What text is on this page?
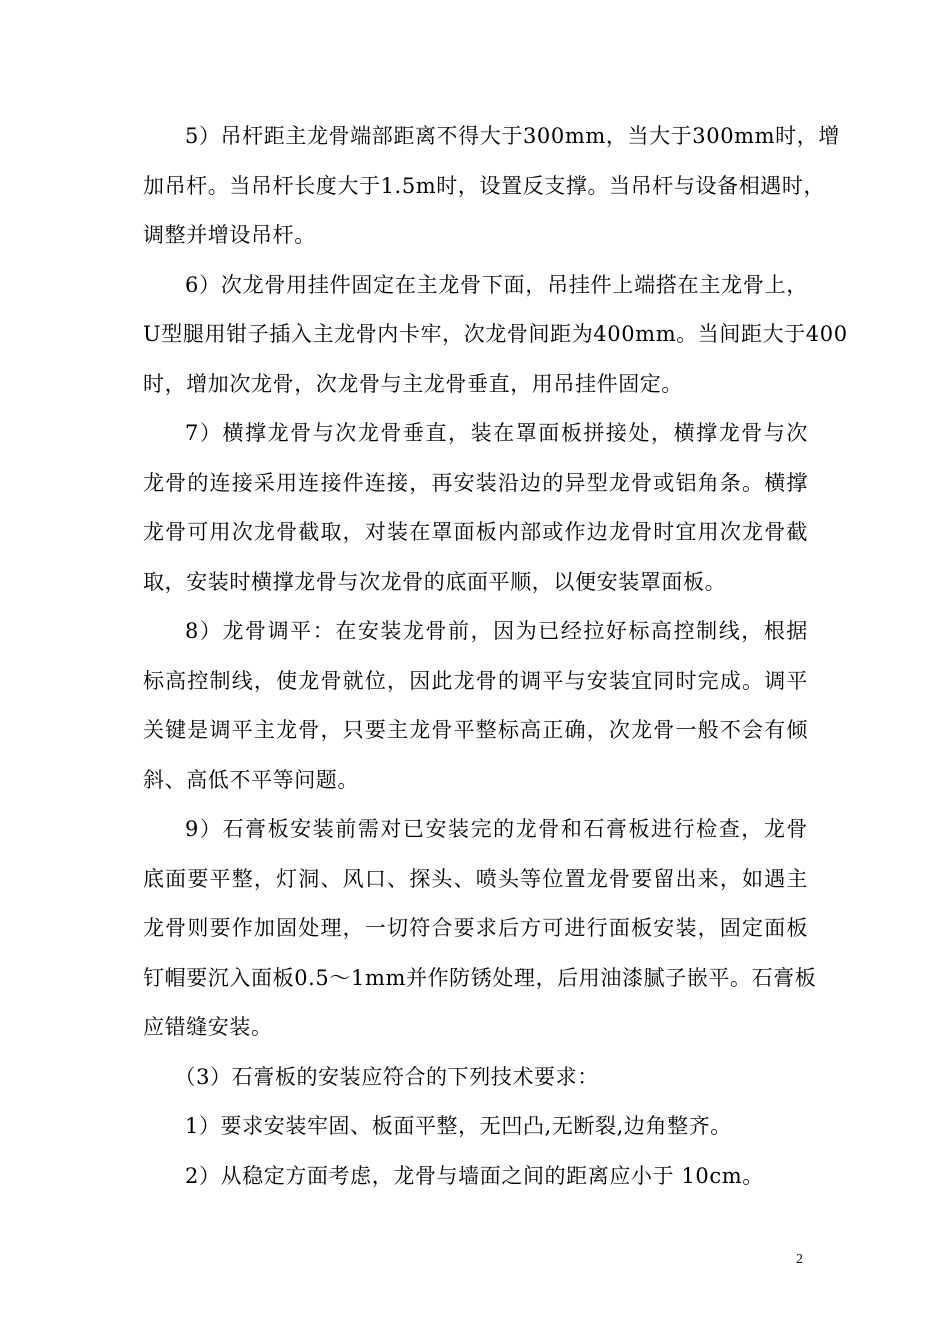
5）吊杆距主龙骨端部距离不得大于300mm，当大于300mm时，增
加吊杆。当吊杆长度大于1.5m时，设置反支撑。当吊杆与设备相遇时，
调整并增设吊杆。

6）次龙骨用挂件固定在主龙骨下面，吊挂件上端搭在主龙骨上，
U型腿用钳子插入主龙骨内卡牢，次龙骨间距为400mm。当间距大于400
时，增加次龙骨，次龙骨与主龙骨垂直，用吊挂件固定。

7）横撑龙骨与次龙骨垂直，装在罩面板拼接处，横撑龙骨与次
龙骨的连接采用连接件连接，再安装沿边的异型龙骨或铝角条。横撑
龙骨可用次龙骨截取，对装在罩面板内部或作边龙骨时宜用次龙骨截
取，安装时横撑龙骨与次龙骨的底面平顺，以便安装罩面板。

8）龙骨调平：在安装龙骨前，因为已经拉好标高控制线，根据
标高控制线，使龙骨就位，因此龙骨的调平与安装宜同时完成。调平
关键是调平主龙骨，只要主龙骨平整标高正确，次龙骨一般不会有倾
斜、高低不平等问题。

9）石膏板安装前需对已安装完的龙骨和石膏板进行检查，龙骨
底面要平整，灯洞、风口、探头、喷头等位置龙骨要留出来，如遇主
龙骨则要作加固处理，一切符合要求后方可进行面板安装，固定面板
钉帽要沉入面板0.5～1mm并作防锈处理，后用油漆腻子嵌平。石膏板
应错缝安装。

（3）石膏板的安装应符合的下列技术要求：

1）要求安装牢固、板面平整，无凹凸,无断裂,边角整齐。

2）从稳定方面考虑，龙骨与墙面之间的距离应小于 10cm。

2
